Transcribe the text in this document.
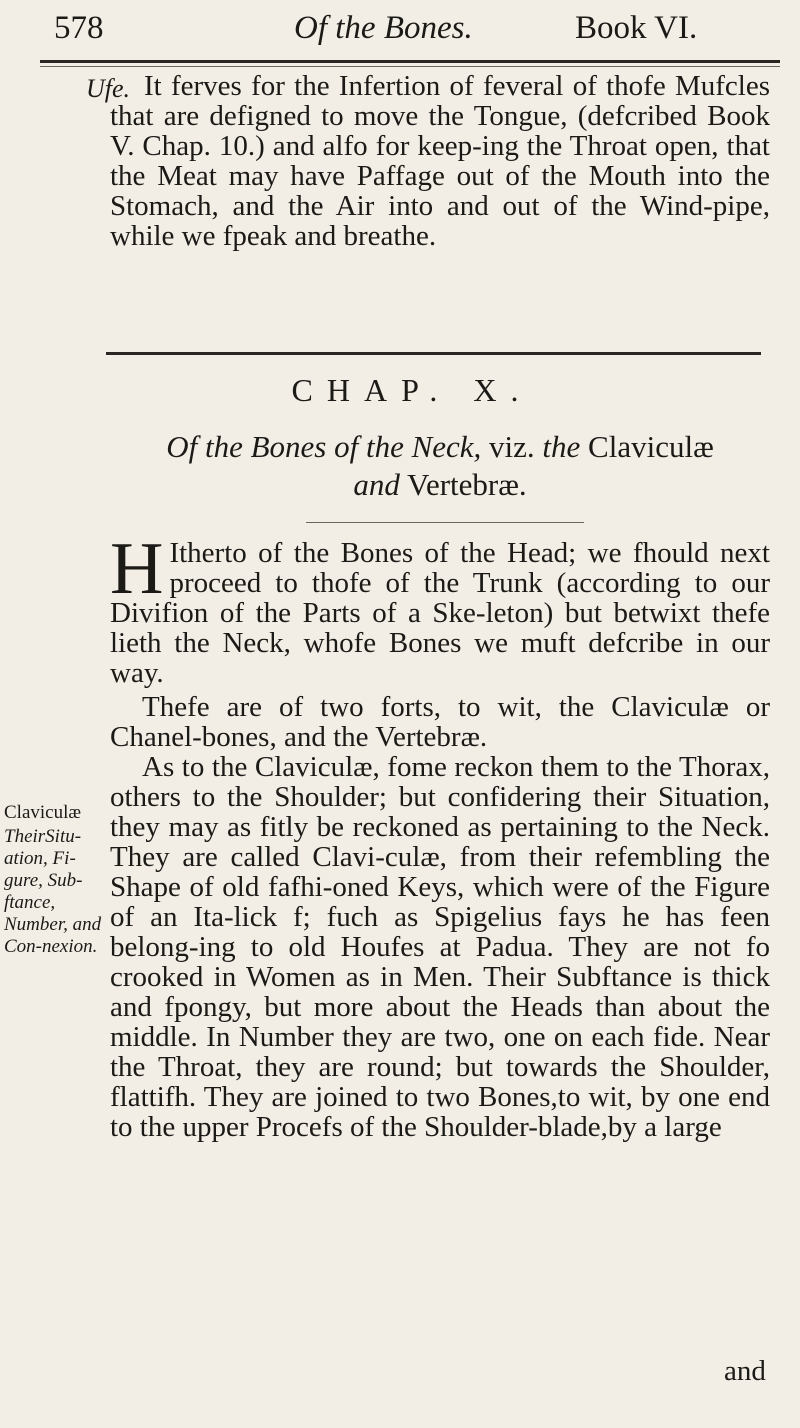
578	Of the Bones.	Book VI.
Ufe. It ferves for the Infertion of feveral of thofe Mufcles that are defigned to move the Tongue, (defcribed Book V. Chap. 10.) and alfo for keep-ing the Throat open, that the Meat may have Paffage out of the Mouth into the Stomach, and the Air into and out of the Wind-pipe, while we fpeak and breathe.
CHAP. X.
Of the Bones of the Neck, viz. the Claviculæ
and Vertebræ.
H Itherto of the Bones of the Head; we fhould next proceed to thofe of the Trunk (according to our Divifion of the Parts of a Ske-leton) but betwixt thefe lieth the Neck, whofe Bones we muft defcribe in our way.
Thefe are of two forts, to wit, the Claviculæ or Chanel-bones, and the Vertebræ.
Claviculæ
TheirSitu-ation, Fi-gure, Sub-ftance, Number, and Con-nexion.
As to the Claviculæ, fome reckon them to the Thorax, others to the Shoulder; but confidering their Situation, they may as fitly be reckoned as pertaining to the Neck. They are called Clavi-culæ, from their refembling the Shape of old fafhi-oned Keys, which were of the Figure of an Ita-lick f; fuch as Spigelius fays he has feen belong-ing to old Houfes at Padua. They are not fo crooked in Women as in Men. Their Subftance is thick and fpongy, but more about the Heads than about the middle. In Number they are two, one on each fide. Near the Throat, they are round; but towards the Shoulder, flattifh. They are joined to two Bones,to wit, by one end to the upper Procefs of the Shoulder-blade,by a large
and
